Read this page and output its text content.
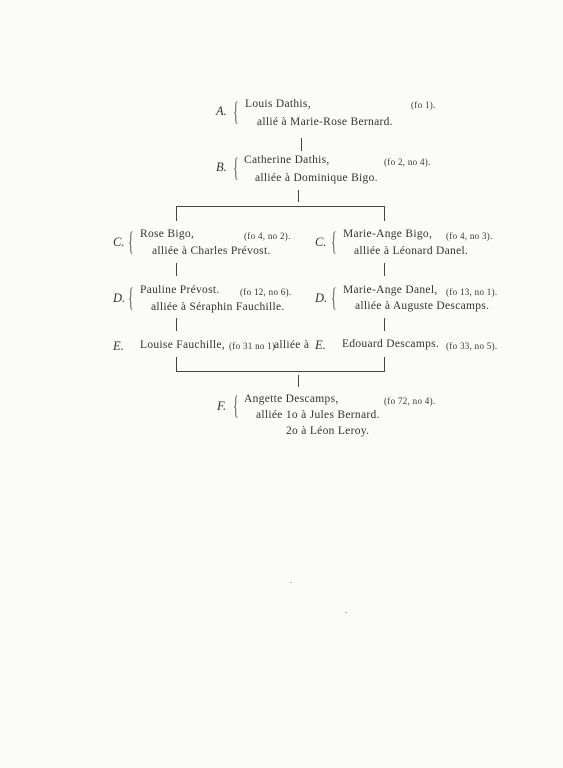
A. { Louis Dathis,	(fo 1).
allié à Marie-Rose Bernard.
B. { Catherine Dathis,	(fo 2, no 4).
alliée à Dominique Bigo.
C. { Rose Bigo,	(fo 4, no 2).
alliée à Charles Prévost.
C. { Marie-Ange Bigo, (fo 4, no 3).
alliée à Léonard Danel.
D. { Pauline Prévost. (fo 12, no 6).
alliée à Séraphin Fauchille.
D. { Marie-Ange Danel, (fo 13, no 1).
alliée à Auguste Descamps.
E. Louise Fauchille, (fo 31 no 1)
alliée à E. Edouard Descamps. (fo 33, no 5).
F. { Angette Descamps,	(fo 72, no 4).
alliée 1o à Jules Bernard.
2o à Léon Leroy.
